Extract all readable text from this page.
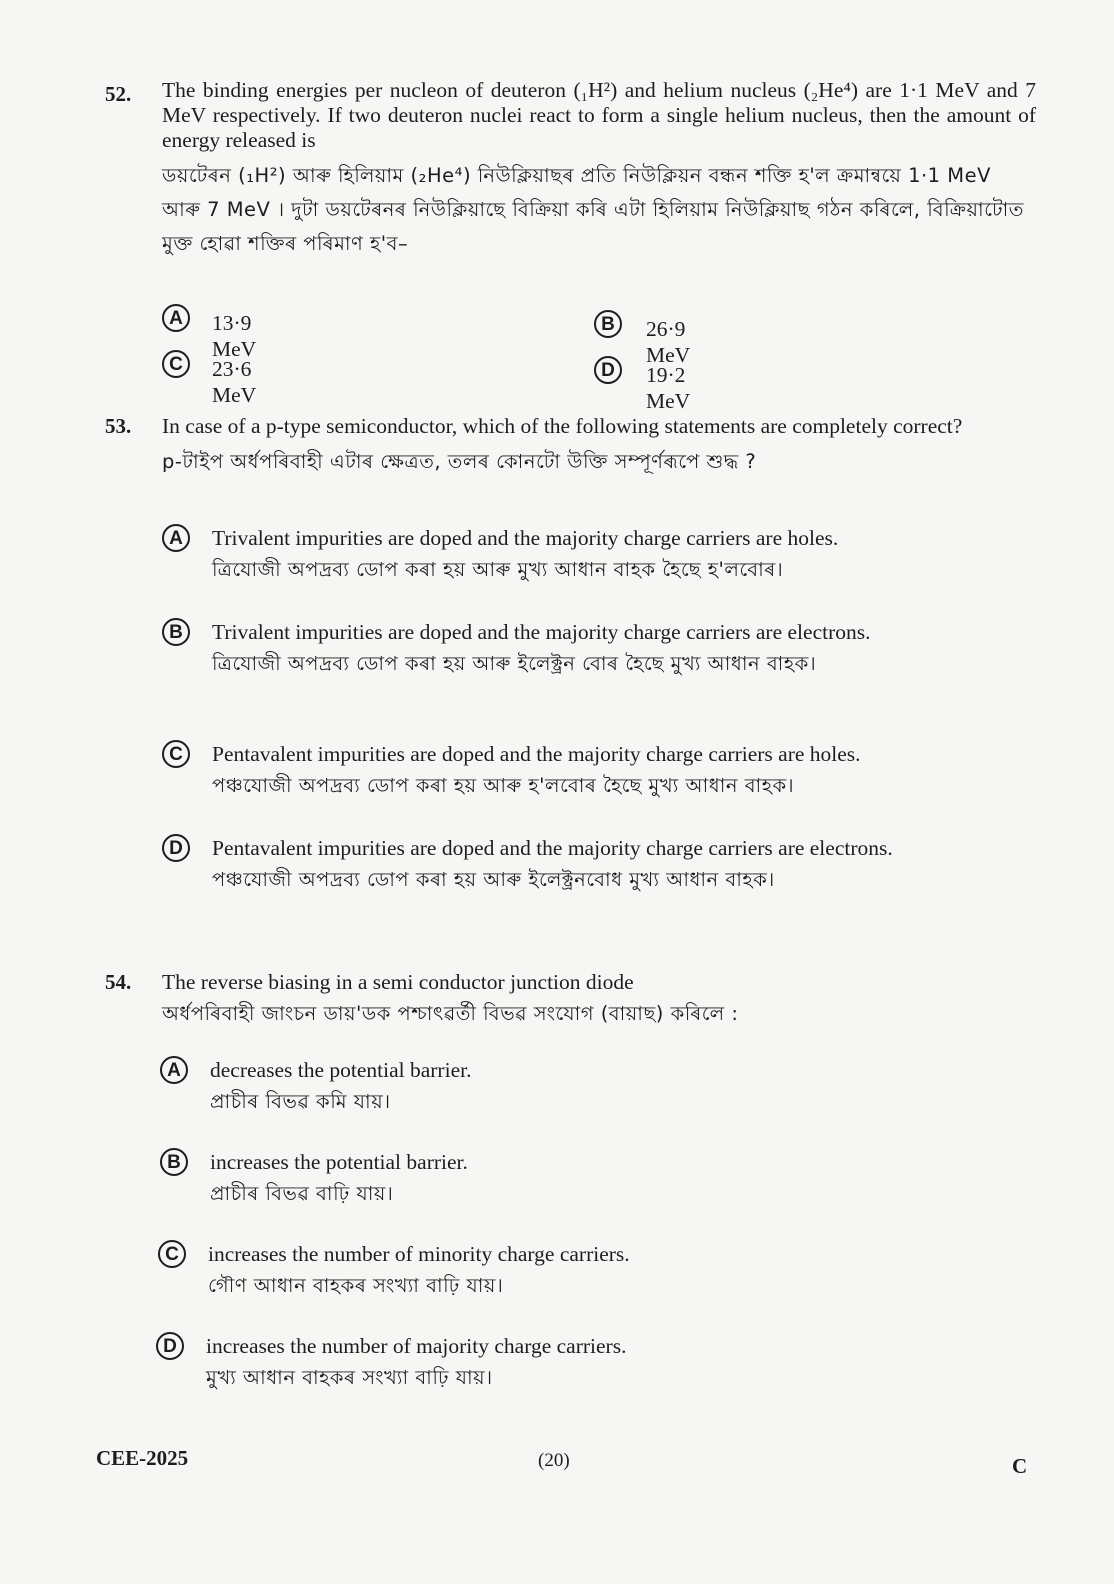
52. The binding energies per nucleon of deuteron (₁H²) and helium nucleus (₂He⁴) are 1·1 MeV and 7 MeV respectively. If two deuteron nuclei react to form a single helium nucleus, then the amount of energy released is

ডয়টেৰন (₁H²) আৰু হিলিয়াম (₂He⁴) নিউক্লিয়াছৰ প্ৰতি নিউক্লিয়ন বন্ধন শক্তি হ'ল ক্ৰমান্বয়ে 1·1 MeV আৰু 7 MeV । দুটা ডয়টেৰনৰ নিউক্লিয়াছে বিক্ৰিয়া কৰি এটা হিলিয়াম নিউক্লিয়াছ গঠন কৰিলে, বিক্ৰিয়াটোত মুক্ত হোৱা শক্তিৰ পৰিমাণ হ'ব–

A	13·9 MeV
B	26·9 MeV
C	23·6 MeV
D	19·2 MeV
53. In case of a p-type semiconductor, which of the following statements are completely correct?

p-টাইপ অৰ্ধপৰিবাহী এটাৰ ক্ষেত্ৰত, তলৰ কোনটো উক্তি সম্পূৰ্ণৰূপে শুদ্ধ ?

A	Trivalent impurities are doped and the majority charge carriers are holes.

ত্ৰিযোজী অপদ্ৰব্য ডোপ কৰা হয় আৰু মুখ্য আধান বাহক হৈছে হ'লবোৰ।

B	Trivalent impurities are doped and the majority charge carriers are electrons.

ত্ৰিযোজী অপদ্ৰব্য ডোপ কৰা হয় আৰু ইলেক্ট্ৰন বোৰ হৈছে মুখ্য আধান বাহক।

C	Pentavalent impurities are doped and the majority charge carriers are holes.

পঞ্চযোজী অপদ্ৰব্য ডোপ কৰা হয় আৰু হ'লবোৰ হৈছে মুখ্য আধান বাহক।

D	Pentavalent impurities are doped and the majority charge carriers are electrons.

পঞ্চযোজী অপদ্ৰব্য ডোপ কৰা হয় আৰু ইলেক্ট্ৰনবোধ মুখ্য আধান বাহক।

54. The reverse biasing in a semi conductor junction diode

অৰ্ধপৰিবাহী জাংচন ডায়'ডক পশ্চাৎৱৰ্তী বিভৱ সংযোগ (বায়াছ) কৰিলে :

A	decreases the potential barrier.

প্ৰাচীৰ বিভৱ কমি যায়।

B	increases the potential barrier.

প্ৰাচীৰ বিভৱ বাঢ়ি যায়।

C	increases the number of minority charge carriers.

গৌণ আধান বাহকৰ সংখ্যা বাঢ়ি যায়।

D	increases the number of majority charge carriers.

মুখ্য আধান বাহকৰ সংখ্যা বাঢ়ি যায়।

CEE-2025	(20)	C
